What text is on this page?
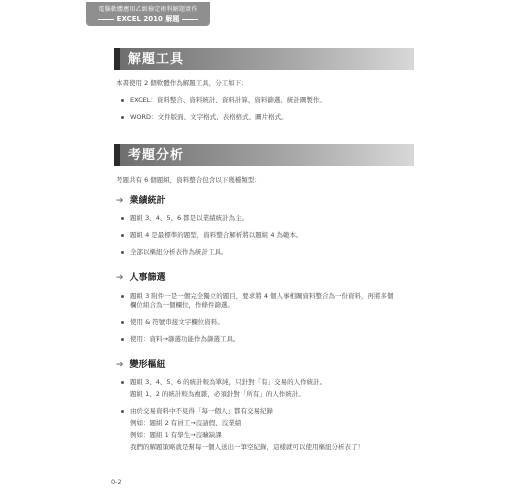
電腦軟體應用乙級檢定術科解題實作
EXCEL 2010 解題
解題工具
本書使用 2 個軟體作為解題工具，分工如下：
EXCEL：資料整合、資料統計、資料計算、資料篩選、統計圖製作。
WORD：文件版面、文字格式、表格格式、圖片格式。
考題分析
考題共有 6 個題組，資料整合包含以下幾種類型：
➔ 業績統計
題組 3、4、5、6 都是以業績統計為主。
題組 4 是最標準的題型，資料整合解析將以題組 4 為範本。
全部以樞紐分析表作為統計工具。
➔ 人事篩選
題組 3 附件一是一個完全獨立的題目，要求將 4 個人事相關資料整合為一份資料，再將多個
欄位組合為一個欄位，作條件篩選。
使用 & 符號串接文字欄位資料。
使用：資料→篩選功能作為篩選工具。
➔ 變形樞紐
題組 3、4、5、6 的統計較為單純，只針對「有」交易的人作統計。
題組 1、2 的統計較為複雜，必須針對「所有」的人作統計。
由於交易資料中不見得「每一個人」都有交易紀錄
例如：題組 2 有員工→沒請假、沒業績
例如：題組 1 有學生→沒曠缺課
我們的解題策略就是幫每一個人送出一筆空紀錄，這樣就可以使用樞紐分析表了！
0-2
